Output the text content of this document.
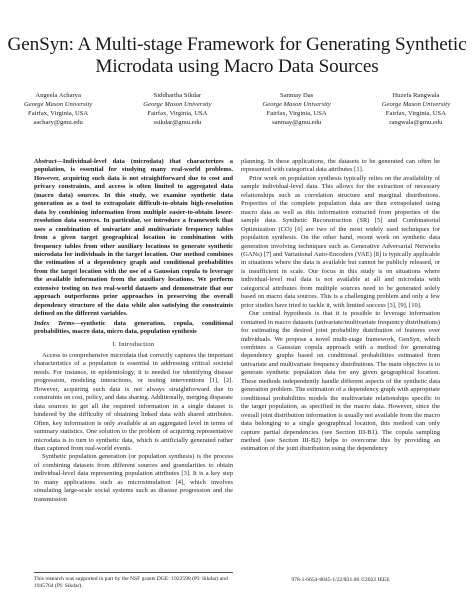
GenSyn: A Multi-stage Framework for Generating Synthetic Microdata using Macro Data Sources
Angeela Acharya
George Mason University
Fairfax, Virginia, USA
aachary@gmu.edu
Siddhartha Sikdar
George Mason University
Fairfax, Virginia, USA
ssikdar@gmu.edu
Sanmay Das
George Mason University
Fairfax, Virginia, USA
sanmay@gmu.edu
Huzefa Rangwala
George Mason University
Fairfax, Virginia, USA
rangwala@gmu.edu

Abstract—Individual-level data (microdata) that characterizes a population, is essential for studying many real-world problems. However, acquiring such data is not straightforward due to cost and privacy constraints, and access is often limited to aggregated data (macro data) sources. In this study, we examine synthetic data generation as a tool to extrapolate difficult-to-obtain high-resolution data by combining information from multiple easier-to-obtain lower-resolution data sources. In particular, we introduce a framework that uses a combination of univariate and multivariate frequency tables from a given target geographical location in combination with frequency tables from other auxiliary locations to generate synthetic microdata for individuals in the target location. Our method combines the estimation of a dependency graph and conditional probabilities from the target location with the use of a Gaussian copula to leverage the available information from the auxiliary locations. We perform extensive testing on two real-world datasets and demonstrate that our approach outperforms prior approaches in preserving the overall dependency structure of the data while also satisfying the constraints defined on the different variables.

Index Terms—synthetic data generation, copula, conditional probabilities, macro data, micro data, population synthesis

I. Introduction

Access to comprehensive microdata that correctly captures the important characteristics of a population is essential in addressing critical societal needs. For instance, in epidemiology, it is needed for identifying disease progression, modeling interactions, or testing interventions [1], [2]. However, acquiring such data is not always straightforward due to constraints on cost, policy, and data sharing. Additionally, merging disparate data sources to get all the required information in a single dataset is hindered by the difficulty of obtaining linked data with shared attributes. Often, key information is only available at an aggregated level in terms of summary statistics. One solution to the problem of acquiring representative microdata is to turn to synthetic data, which is artificially generated rather than captured from real-world events.

Synthetic population generation (or population synthesis) is the process of combining datasets from different sources and granularities to obtain individual-level data representing population attributes [3]. It is a key step in many applications such as microsimulation [4], which involves simulating large-scale social systems such as disease progression and the transmission

planning. In these applications, the datasets to be generated can often be represented with categorical data attributes [1].

Prior work on population synthesis typically relies on the availability of sample individual-level data. This allows for the extraction of necessary relationships such as correlation structure and marginal distributions. Properties of the complete population data are then extrapolated using macro data as well as this information extracted from properties of the sample data. Synthetic Reconstruction (SR) [5] and Combinatorial Optimization (CO) [6] are two of the most widely used techniques for population synthesis. On the other hand, recent work on synthetic data generation involving techniques such as Generative Adversarial Networks (GANs) [7] and Variational Auto-Encoders (VAE) [8] is typically applicable in situations where the data is available but cannot be publicly released, or is insufficient in scale. Our focus in this study is on situations where individual-level real data is not available at all and microdata with categorical attributes from multiple sources need to be generated solely based on macro data sources. This is a challenging problem and only a few prior studies have tried to tackle it, with limited success [3], [9], [10].

Our central hypothesis is that it is possible to leverage information contained in macro datasets (univariate/multivariate frequency distributions) for estimating the desired joint probability distribution of features over individuals. We propose a novel multi-stage framework, GenSyn, which combines a Gaussian copula approach with a method for generating dependency graphs based on conditional probabilities estimated from univariate and multivariate frequency distributions. The main objective is to generate synthetic population data for any given geographical location. These methods independently handle different aspects of the synthetic data generation problem. The estimation of a dependency graph with appropriate conditional probabilities models the multivariate relationships specific to the target population, as specified in the macro data. However, since the overall joint distribution information is usually not available from the macro data belonging to a single geographical location, this method can only capture partial dependencies (see Section III-B1). The copula sampling method (see Section III-B2) helps to overcome this by providing an estimation of the joint distribution using the dependency

This research was supported in part by the NSF grants DGE: 1922598 (PI: Sikdar) and 1945764 (PI: Sikdar).
978-1-6654-8045-1/22/$31.00 ©2022 IEEE
